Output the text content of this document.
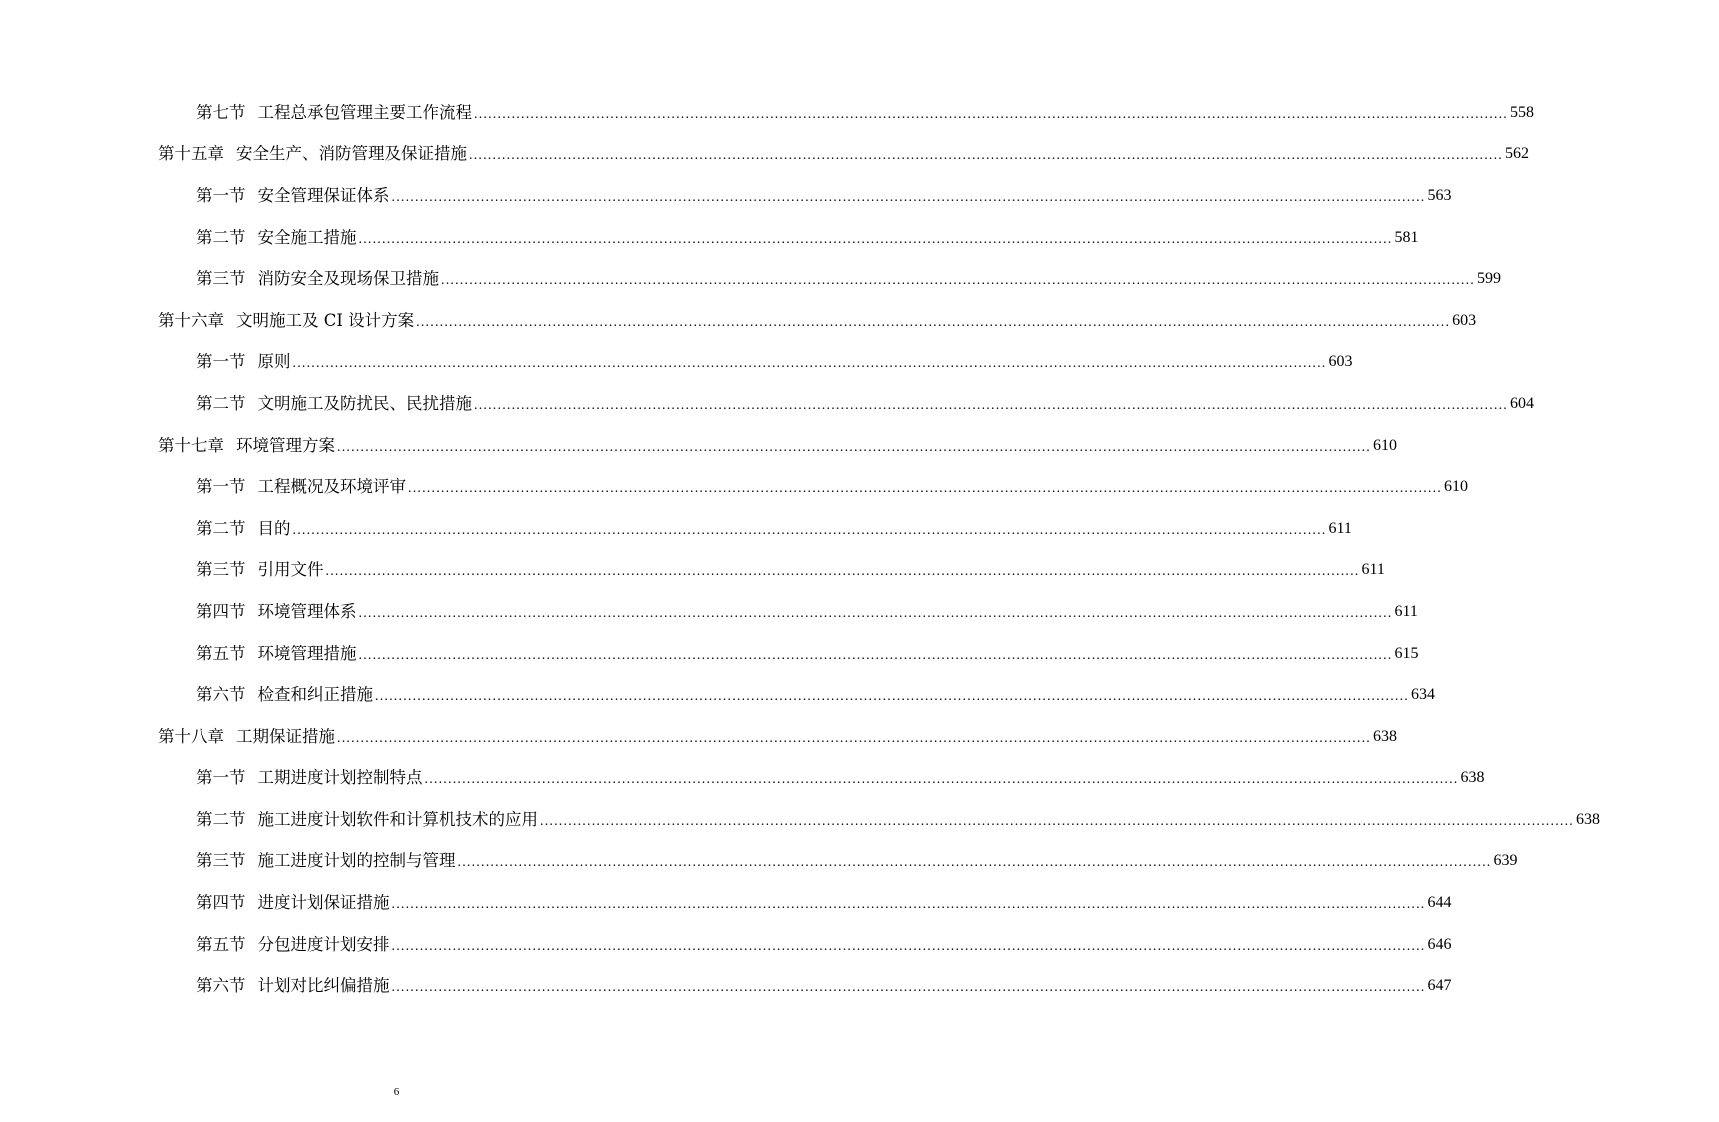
第七节 工程总承包管理主要工作流程 ............................................................................................................................................................................................................................ 558
第十五章 安全生产、消防管理及保证措施 ............................................................................................................................................................................................................................ 562
第一节 安全管理保证体系 ............................................................................................................................................................................................................................ 563
第二节 安全施工措施 ............................................................................................................................................................................................................................ 581
第三节 消防安全及现场保卫措施 ............................................................................................................................................................................................................................ 599
第十六章 文明施工及 CI 设计方案 ............................................................................................................................................................................................................................ 603
第一节 原则 ............................................................................................................................................................................................................................ 603
第二节 文明施工及防扰民、民扰措施 ............................................................................................................................................................................................................................ 604
第十七章 环境管理方案 ............................................................................................................................................................................................................................ 610
第一节 工程概况及环境评审 ............................................................................................................................................................................................................................ 610
第二节 目的 ............................................................................................................................................................................................................................ 611
第三节 引用文件 ............................................................................................................................................................................................................................ 611
第四节 环境管理体系 ............................................................................................................................................................................................................................ 611
第五节 环境管理措施 ............................................................................................................................................................................................................................ 615
第六节 检查和纠正措施 ............................................................................................................................................................................................................................ 634
第十八章 工期保证措施 ............................................................................................................................................................................................................................ 638
第一节 工期进度计划控制特点 ............................................................................................................................................................................................................................ 638
第二节 施工进度计划软件和计算机技术的应用 ............................................................................................................................................................................................................................ 638
第三节 施工进度计划的控制与管理 ............................................................................................................................................................................................................................ 639
第四节 进度计划保证措施 ............................................................................................................................................................................................................................ 644
第五节 分包进度计划安排 ............................................................................................................................................................................................................................ 646
第六节 计划对比纠偏措施 ............................................................................................................................................................................................................................ 647
6
